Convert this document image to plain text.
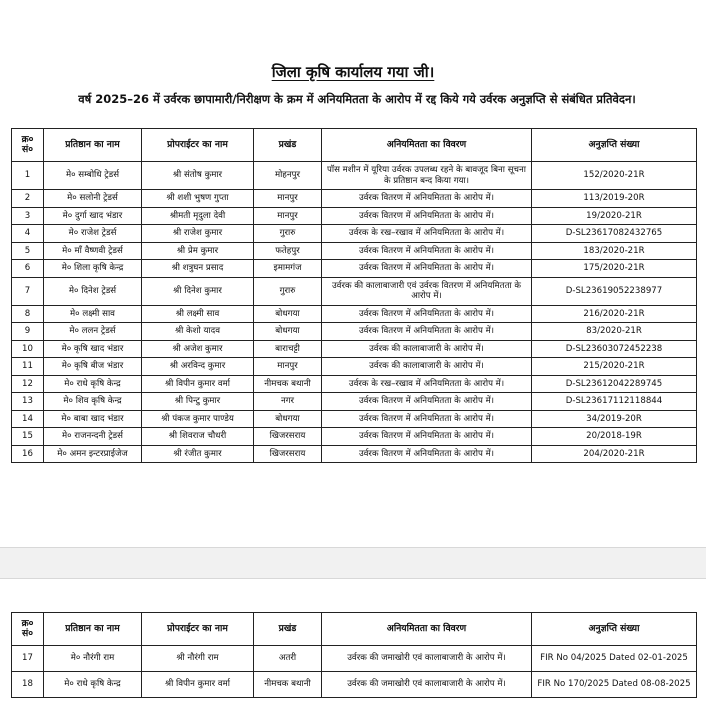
जिला कृषि कार्यालय गया जी।

वर्ष 2025–26 में उर्वरक छापामारी/निरीक्षण के क्रम में अनियमितता के आरोप में रद्द किये गये उर्वरक अनुज्ञप्ति से संबंधित प्रतिवेदन।

क्र० सं०	प्रतिष्ठान का नाम	प्रोपराईटर का नाम	प्रखंड	अनियमितता का विवरण	अनुज्ञप्ति संख्या
1	मे० सम्बोधि ट्रेडर्स	श्री संतोष कुमार	मोहनपुर	पॉस मशीन में यूरिया उर्वरक उपलब्ध रहने के बावजूद बिना सूचना के प्रतिष्ठान बन्द किया गया।	152/2020-21R
2	मे० सलोनी ट्रेडर्स	श्री शशी भुषण गुप्ता	मानपुर	उर्वरक वितरण में अनियमितता के आरोप में।	113/2019-20R
3	मे० दुर्गा खाद भंडार	श्रीमती मृदुला देवी	मानपुर	उर्वरक वितरण में अनियमितता के आरोप में।	19/2020-21R
4	मे० राजेश ट्रेडर्स	श्री राजेश कुमार	गुरारु	उर्वरक के रख–रखाव में अनियमितता के आरोप में।	D-SL23617082432765
5	मे० माँ वैष्णवी ट्रेडर्स	श्री प्रेम कुमार	फतेहपुर	उर्वरक वितरण में अनियमितता के आरोप में।	183/2020-21R
6	मे० शिला कृषि केन्द्र	श्री शत्रुघन प्रसाद	इमामगंज	उर्वरक वितरण में अनियमितता के आरोप में।	175/2020-21R
7	मे० दिनेश ट्रेडर्स	श्री दिनेश कुमार	गुरारु	उर्वरक की कालाबाजारी एवं उर्वरक वितरण में अनियमितता के आरोप में।	D-SL23619052238977
8	मे० लक्ष्मी साव	श्री लक्ष्मी साव	बोधगया	उर्वरक वितरण में अनियमितता के आरोप में।	216/2020-21R
9	मे० ललन ट्रेडर्स	श्री केशो यादव	बोधगया	उर्वरक वितरण में अनियमितता के आरोप में।	83/2020-21R
10	मे० कृषि खाद भंडार	श्री अजेश कुमार	बाराचट्टी	उर्वरक की कालाबाजारी के आरोप में।	D-SL23603072452238
11	मे० कृषि बीज भंडार	श्री अरविन्द कुमार	मानपुर	उर्वरक की कालाबाजारी के आरोप में।	215/2020-21R
12	मे० राधे कृषि केन्द्र	श्री विपीन कुमार वर्मा	नीमचक बथानी	उर्वरक के रख–रखाव में अनियमितता के आरोप में।	D-SL23612042289745
13	मे० शिव कृषि केन्द्र	श्री पिन्टु कुमार	नगर	उर्वरक वितरण में अनियमितता के आरोप में।	D-SL23617112118844
14	मे० बाबा खाद भंडार	श्री पंकज कुमार पाण्डेय	बोधगया	उर्वरक वितरण में अनियमितता के आरोप में।	34/2019-20R
15	मे० राजनन्दनी ट्रेडर्स	श्री शिवराज चौधरी	खिजरसराय	उर्वरक वितरण में अनियमितता के आरोप में।	20/2018-19R
16	मे० अमन इन्टरप्राईजेज	श्री रंजीत कुमार	खिजरसराय	उर्वरक वितरण में अनियमितता के आरोप में।	204/2020-21R
क्र० सं०	प्रतिष्ठान का नाम	प्रोपराईटर का नाम	प्रखंड	अनियमितता का विवरण	अनुज्ञप्ति संख्या
17	मे० नौरंगी राम	श्री नौरंगी राम	अतरी	उर्वरक की जमाखोरी एवं कालाबाजारी के आरोप में।	FIR No 04/2025 Dated 02-01-2025
18	मे० राधे कृषि केन्द्र	श्री विपीन कुमार वर्मा	नीमचक बथानी	उर्वरक की जमाखोरी एवं कालाबाजारी के आरोप में।	FIR No 170/2025 Dated 08-08-2025
